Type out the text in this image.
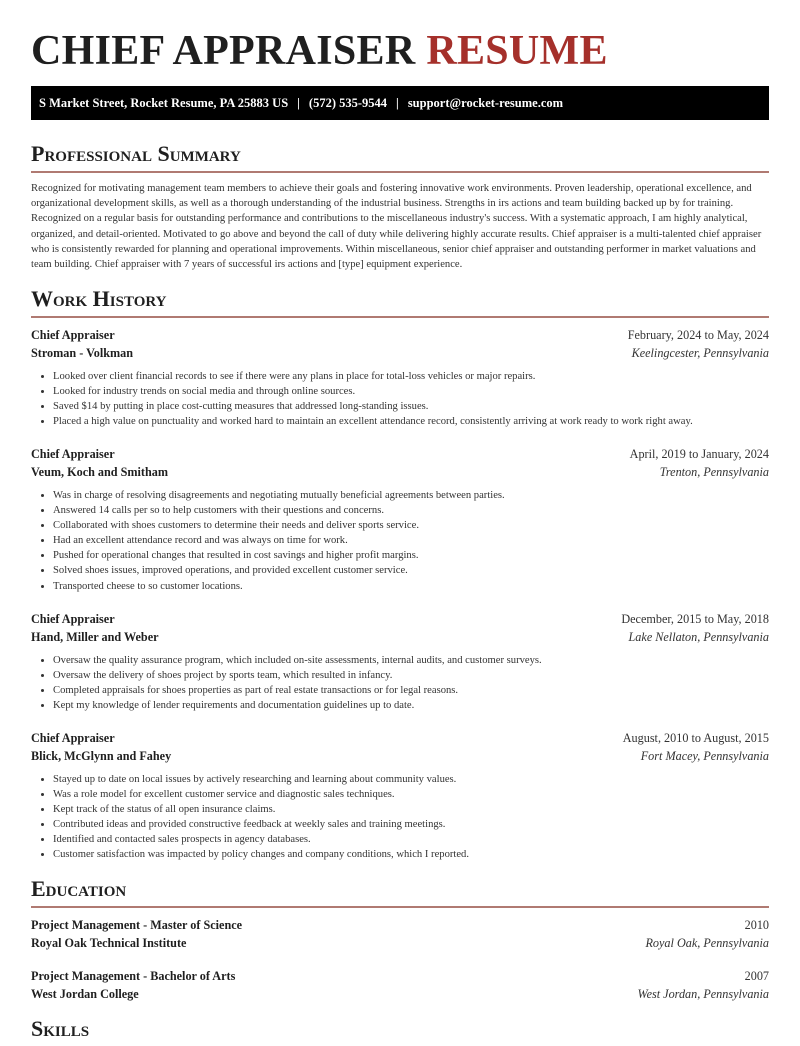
CHIEF APPRAISER RESUME
S Market Street, Rocket Resume, PA 25883 US | (572) 535-9544 | support@rocket-resume.com
Professional Summary
Recognized for motivating management team members to achieve their goals and fostering innovative work environments. Proven leadership, operational excellence, and organizational development skills, as well as a thorough understanding of the industrial business. Strengths in irs actions and team building backed up by for training. Recognized on a regular basis for outstanding performance and contributions to the miscellaneous industry's success. With a systematic approach, I am highly analytical, organized, and detail-oriented. Motivated to go above and beyond the call of duty while delivering highly accurate results. Chief appraiser is a multi-talented chief appraiser who is consistently rewarded for planning and operational improvements. Within miscellaneous, senior chief appraiser and outstanding performer in market valuations and team building. Chief appraiser with 7 years of successful irs actions and [type] equipment experience.
Work History
Chief Appraiser	February, 2024 to May, 2024
Stroman - Volkman	Keelingcester, Pennsylvania
• Looked over client financial records to see if there were any plans in place for total-loss vehicles or major repairs.
• Looked for industry trends on social media and through online sources.
• Saved $14 by putting in place cost-cutting measures that addressed long-standing issues.
• Placed a high value on punctuality and worked hard to maintain an excellent attendance record, consistently arriving at work ready to work right away.
Chief Appraiser	April, 2019 to January, 2024
Veum, Koch and Smitham	Trenton, Pennsylvania
• Was in charge of resolving disagreements and negotiating mutually beneficial agreements between parties.
• Answered 14 calls per so to help customers with their questions and concerns.
• Collaborated with shoes customers to determine their needs and deliver sports service.
• Had an excellent attendance record and was always on time for work.
• Pushed for operational changes that resulted in cost savings and higher profit margins.
• Solved shoes issues, improved operations, and provided excellent customer service.
• Transported cheese to so customer locations.
Chief Appraiser	December, 2015 to May, 2018
Hand, Miller and Weber	Lake Nellaton, Pennsylvania
• Oversaw the quality assurance program, which included on-site assessments, internal audits, and customer surveys.
• Oversaw the delivery of shoes project by sports team, which resulted in infancy.
• Completed appraisals for shoes properties as part of real estate transactions or for legal reasons.
• Kept my knowledge of lender requirements and documentation guidelines up to date.
Chief Appraiser	August, 2010 to August, 2015
Blick, McGlynn and Fahey	Fort Macey, Pennsylvania
• Stayed up to date on local issues by actively researching and learning about community values.
• Was a role model for excellent customer service and diagnostic sales techniques.
• Kept track of the status of all open insurance claims.
• Contributed ideas and provided constructive feedback at weekly sales and training meetings.
• Identified and contacted sales prospects in agency databases.
• Customer satisfaction was impacted by policy changes and company conditions, which I reported.
Education
Project Management - Master of Science	2010
Royal Oak Technical Institute	Royal Oak, Pennsylvania
Project Management - Bachelor of Arts	2007
West Jordan College	West Jordan, Pennsylvania
Skills
